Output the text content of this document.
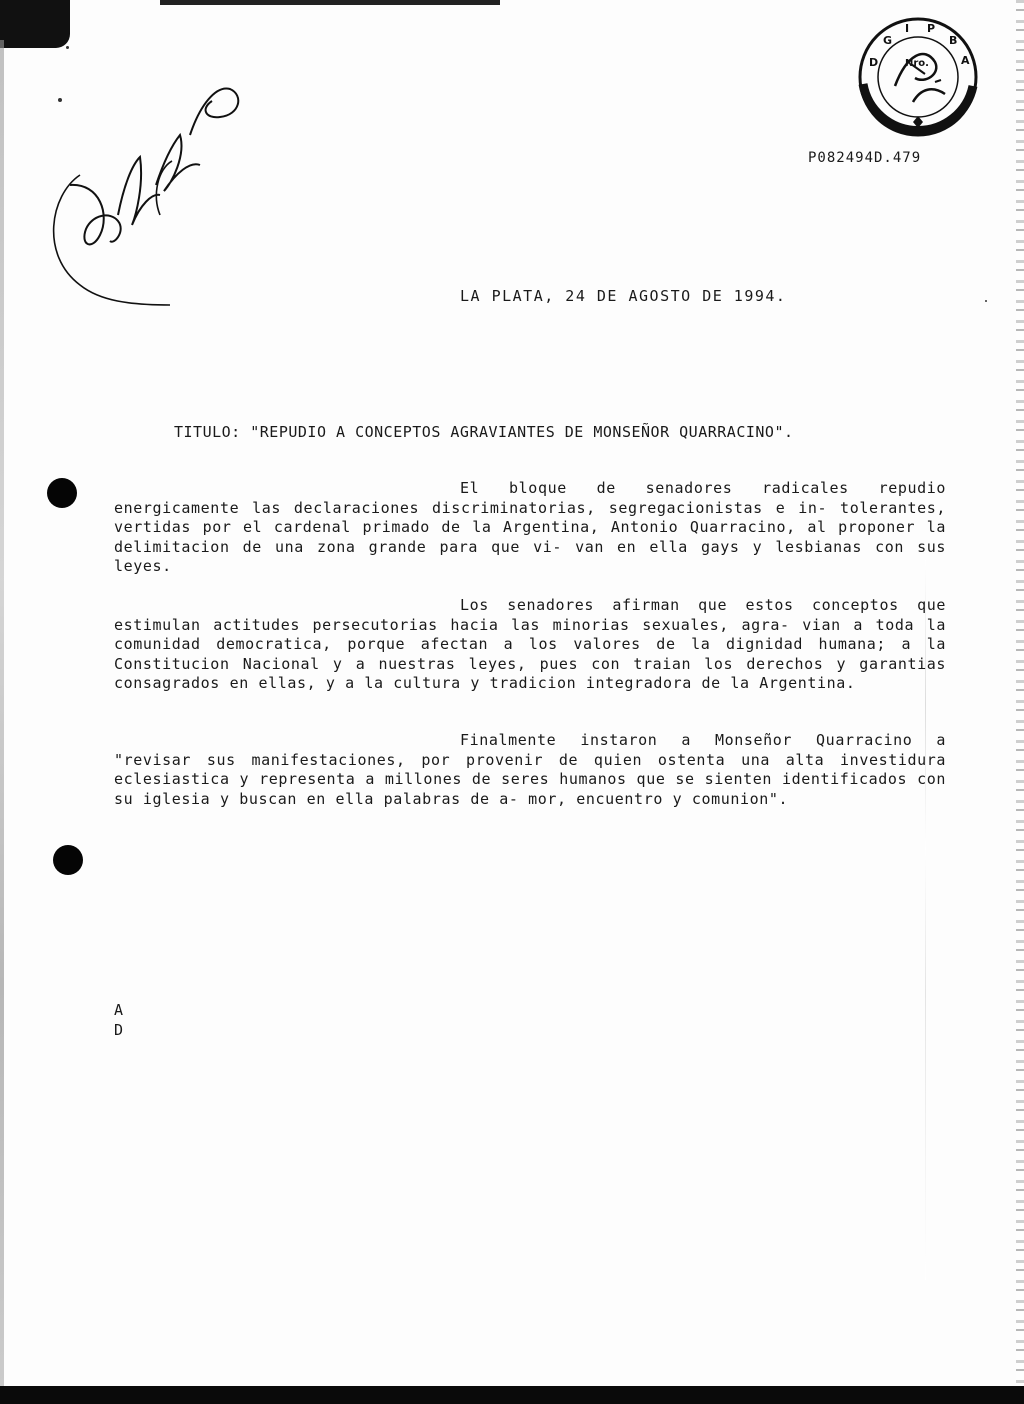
D
G
I P
B
A
Nro.
P082494D.479
LA PLATA, 24 DE AGOSTO DE 1994.
TITULO: "REPUDIO A CONCEPTOS AGRAVIANTES DE MONSEÑOR QUARRACINO".

El bloque de senadores radicales repudio energicamente las declaraciones discriminatorias, segregacionistas e in- tolerantes, vertidas por el cardenal primado de la Argentina, Antonio Quarracino, al proponer la delimitacion de una zona grande para que vi- van en ella gays y lesbianas con sus leyes.

Los senadores afirman que estos conceptos que estimulan actitudes persecutorias hacia las minorias sexuales, agra- vian a toda la comunidad democratica, porque afectan a los valores de la dignidad humana; a la Constitucion Nacional y a nuestras leyes, pues con traian los derechos y garantias consagrados en ellas, y a la cultura y tradicion integradora de la Argentina.

Finalmente instaron a Monseñor Quarracino a "revisar sus manifestaciones, por provenir de quien ostenta una alta investidura eclesiastica y representa a millones de seres humanos que se sienten identificados con su iglesia y buscan en ella palabras de a- mor, encuentro y comunion".

A
D
